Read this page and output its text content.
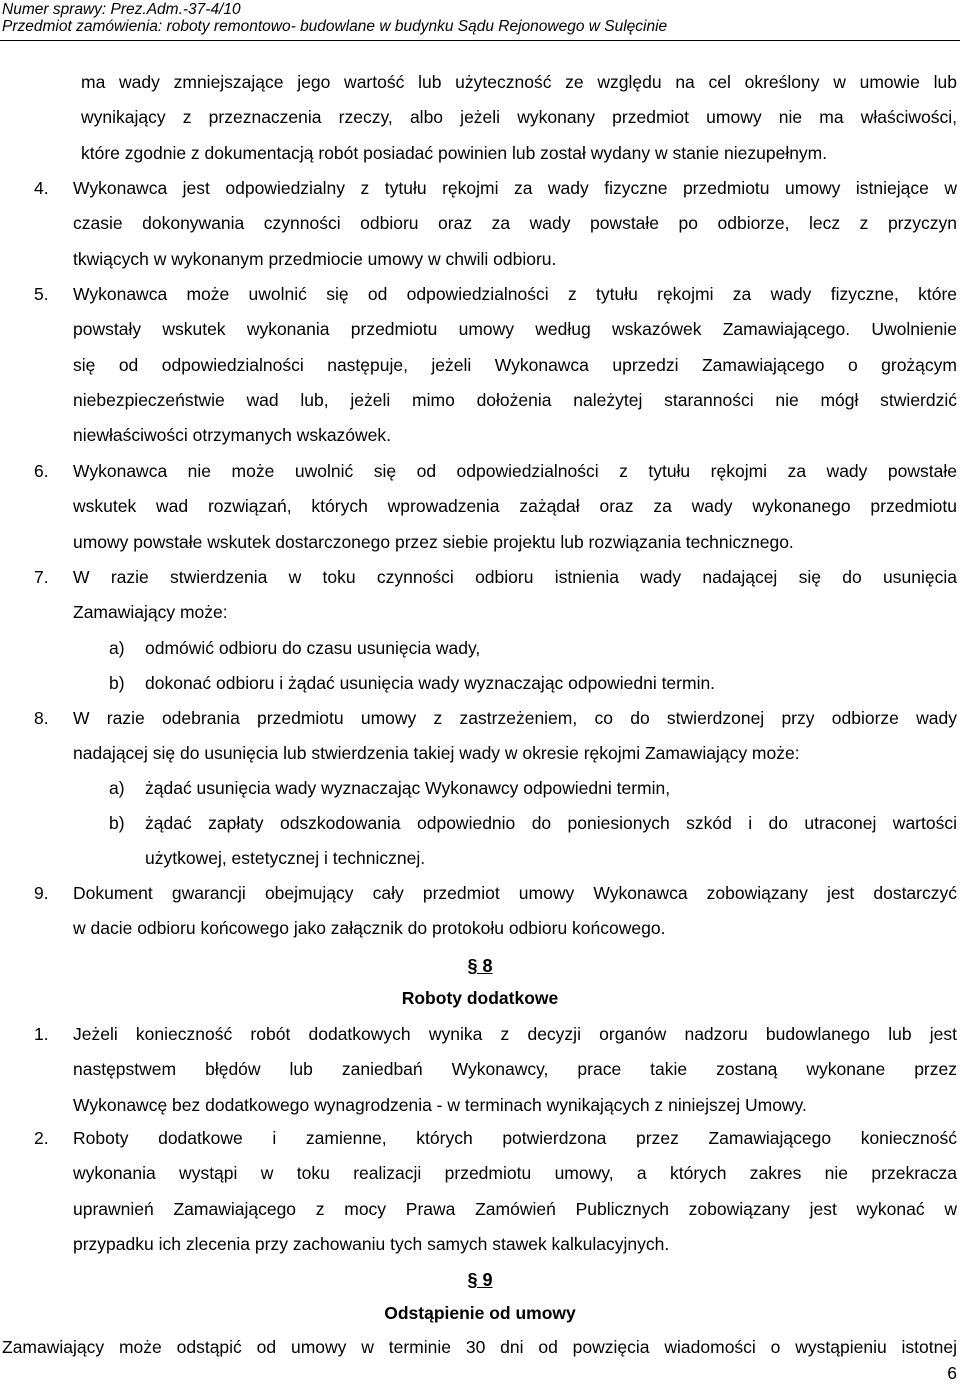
Numer sprawy: Prez.Adm.-37-4/10
Przedmiot zamówienia: roboty remontowo- budowlane w budynku Sądu Rejonowego w Sulęcinie
ma wady zmniejszające jego wartość lub użyteczność ze względu na cel określony w umowie lub
wynikający z przeznaczenia rzeczy, albo jeżeli wykonany przedmiot umowy nie ma właściwości,
które zgodnie z dokumentacją robót posiadać powinien lub został wydany w stanie niezupełnym.
4. Wykonawca jest odpowiedzialny z tytułu rękojmi za wady fizyczne przedmiotu umowy istniejące w
czasie dokonywania czynności odbioru oraz za wady powstałe po odbiorze, lecz z przyczyn
tkwiących w wykonanym przedmiocie umowy w chwili odbioru.
5. Wykonawca może uwolnić się od odpowiedzialności z tytułu rękojmi za wady fizyczne, które
powstały wskutek wykonania przedmiotu umowy według wskazówek Zamawiającego. Uwolnienie
się od odpowiedzialności następuje, jeżeli Wykonawca uprzedzi Zamawiającego o grożącym
niebezpieczeństwie wad lub, jeżeli mimo dołożenia należytej staranności nie mógł stwierdzić
niewłaściwości otrzymanych wskazówek.
6. Wykonawca nie może uwolnić się od odpowiedzialności z tytułu rękojmi za wady powstałe
wskutek wad rozwiązań, których wprowadzenia zażądał oraz za wady wykonanego przedmiotu
umowy powstałe wskutek dostarczonego przez siebie projektu lub rozwiązania technicznego.
7. W razie stwierdzenia w toku czynności odbioru istnienia wady nadającej się do usunięcia
Zamawiający może:
a) odmówić odbioru do czasu usunięcia wady,
b) dokonać odbioru i żądać usunięcia wady wyznaczając odpowiedni termin.
8. W razie odebrania przedmiotu umowy z zastrzeżeniem, co do stwierdzonej przy odbiorze wady
nadającej się do usunięcia lub stwierdzenia takiej wady w okresie rękojmi Zamawiający może:
a) żądać usunięcia wady wyznaczając Wykonawcy odpowiedni termin,
b) żądać zapłaty odszkodowania odpowiednio do poniesionych szkód i do utraconej wartości
użytkowej, estetycznej i technicznej.
9. Dokument gwarancji obejmujący cały przedmiot umowy Wykonawca zobowiązany jest dostarczyć
w dacie odbioru końcowego jako załącznik do protokołu odbioru końcowego.
§ 8
Roboty dodatkowe
1. Jeżeli konieczność robót dodatkowych wynika z decyzji organów nadzoru budowlanego lub jest
następstwem błędów lub zaniedbań Wykonawcy, prace takie zostaną wykonane przez
Wykonawcę bez dodatkowego wynagrodzenia - w terminach wynikających z niniejszej Umowy.
2. Roboty dodatkowe i zamienne, których potwierdzona przez Zamawiającego konieczność
wykonania wystąpi w toku realizacji przedmiotu umowy, a których zakres nie przekracza
uprawnień Zamawiającego z mocy Prawa Zamówień Publicznych zobowiązany jest wykonać w
przypadku ich zlecenia przy zachowaniu tych samych stawek kalkulacyjnych.
§ 9
Odstąpienie od umowy
Zamawiający może odstąpić od umowy w terminie 30 dni od powzięcia wiadomości o wystąpieniu istotnej
6
